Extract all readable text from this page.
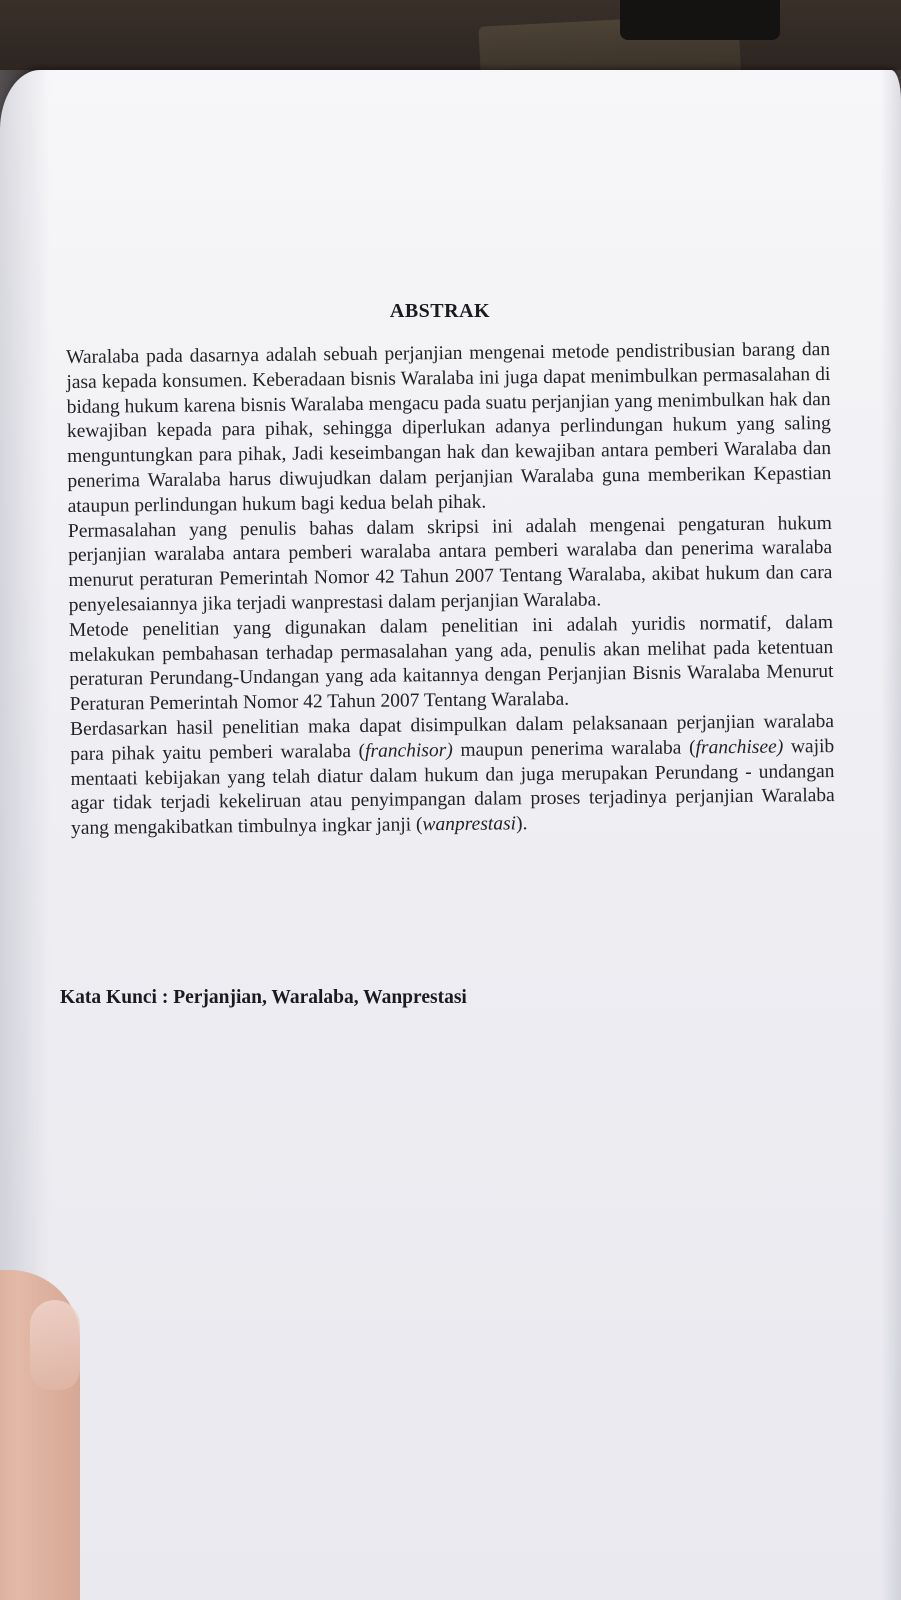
ABSTRAK

Waralaba pada dasarnya adalah sebuah perjanjian mengenai metode pendistribusian barang dan jasa kepada konsumen. Keberadaan bisnis Waralaba ini juga dapat menimbulkan permasalahan di bidang hukum karena bisnis Waralaba mengacu pada suatu perjanjian yang menimbulkan hak dan kewajiban kepada para pihak, sehingga diperlukan adanya perlindungan hukum yang saling menguntungkan para pihak, Jadi keseimbangan hak dan kewajiban antara pemberi Waralaba dan penerima Waralaba harus diwujudkan dalam perjanjian Waralaba guna memberikan Kepastian ataupun perlindungan hukum bagi kedua belah pihak.

Permasalahan yang penulis bahas dalam skripsi ini adalah mengenai pengaturan hukum perjanjian waralaba antara pemberi waralaba antara pemberi waralaba dan penerima waralaba menurut peraturan Pemerintah Nomor 42 Tahun 2007 Tentang Waralaba, akibat hukum dan cara penyelesaiannya jika terjadi wanprestasi dalam perjanjian Waralaba.

Metode penelitian yang digunakan dalam penelitian ini adalah yuridis normatif, dalam melakukan pembahasan terhadap permasalahan yang ada, penulis akan melihat pada ketentuan peraturan Perundang-Undangan yang ada kaitannya dengan Perjanjian Bisnis Waralaba Menurut Peraturan Pemerintah Nomor 42 Tahun 2007 Tentang Waralaba.

Berdasarkan hasil penelitian maka dapat disimpulkan dalam pelaksanaan perjanjian waralaba para pihak yaitu pemberi waralaba (franchisor) maupun penerima waralaba (franchisee) wajib mentaati kebijakan yang telah diatur dalam hukum dan juga merupakan Perundang - undangan agar tidak terjadi kekeliruan atau penyimpangan dalam proses terjadinya perjanjian Waralaba yang mengakibatkan timbulnya ingkar janji (wanprestasi).

Kata Kunci : Perjanjian, Waralaba, Wanprestasi
